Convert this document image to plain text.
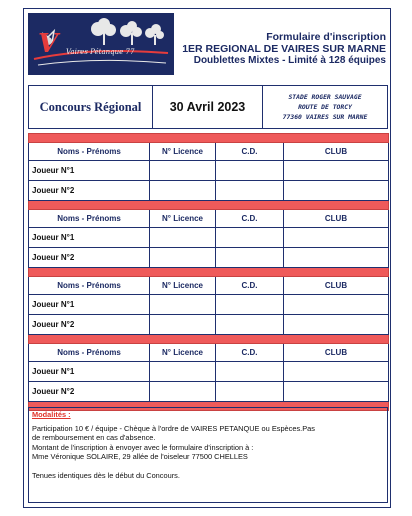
V Vaires Pétanque 77
Formulaire d'inscription
1ER REGIONAL DE VAIRES SUR MARNE
Doublettes Mixtes - Limité à 128 équipes
Concours Régional	30 Avril 2023
STADE ROGER SAUVAGE
ROUTE DE TORCY
77360 VAIRES SUR MARNE

Noms - Prénoms	N° Licence	C.D.	CLUB
Joueur N°1			
Joueur N°2			

Noms - Prénoms	N° Licence	C.D.	CLUB
Joueur N°1			
Joueur N°2			

Noms - Prénoms	N° Licence	C.D.	CLUB
Joueur N°1			
Joueur N°2			

Noms - Prénoms	N° Licence	C.D.	CLUB
Joueur N°1			
Joueur N°2			

Modalités :

Participation 10 € / équipe - Chèque à l'ordre de VAIRES PETANQUE ou Espèces.Pas

de remboursement en cas d'absence.

Montant de l'inscription à envoyer avec le formulaire d'inscription à :

Mme Véronique SOLAIRE, 29 allée de l'oiseleur 77500 CHELLES

Tenues identiques dès le début du Concours.
